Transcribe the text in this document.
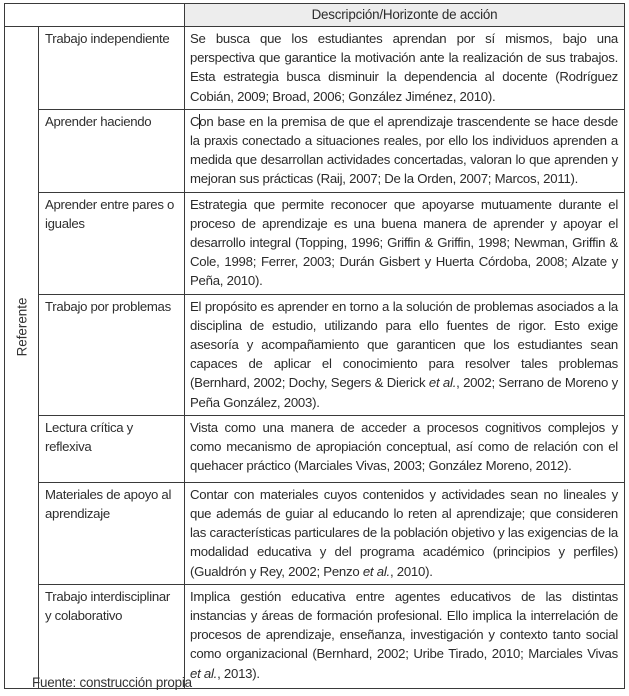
		Descripción/Horizonte de acción

Referente	Trabajo independiente	Se busca que los estudiantes aprendan por sí mismos, bajo una perspectiva que garantice la motivación ante la realización de sus trabajos. Esta estrategia busca disminuir la dependencia al docente (Rodríguez Cobián, 2009; Broad, 2006; González Jiménez, 2010).
	Aprender haciendo	Con base en la premisa de que el aprendizaje trascendente se hace desde la praxis conectado a situaciones reales, por ello los individuos aprenden a medida que desarrollan actividades concertadas, valoran lo que aprenden y mejoran sus prácticas (Raij, 2007; De la Orden, 2007; Marcos, 2011).
	Aprender entre pares o iguales	Estrategia que permite reconocer que apoyarse mutuamente durante el proceso de aprendizaje es una buena manera de aprender y apoyar el desarrollo integral (Topping, 1996; Griffin & Griffin, 1998; Newman, Griffin & Cole, 1998; Ferrer, 2003; Durán Gisbert y Huerta Córdoba, 2008; Alzate y Peña, 2010).
	Trabajo por problemas	El propósito es aprender en torno a la solución de problemas asociados a la disciplina de estudio, utilizando para ello fuentes de rigor. Esto exige asesoría y acompañamiento que garanticen que los estudiantes sean capaces de aplicar el conocimiento para resolver tales problemas (Bernhard, 2002; Dochy, Segers & Dierick et al., 2002; Serrano de Moreno y Peña González, 2003).
	Lectura crítica y reflexiva	Vista como una manera de acceder a procesos cognitivos complejos y como mecanismo de apropiación conceptual, así como de relación con el quehacer práctico (Marciales Vivas, 2003; González Moreno, 2012).
	Materiales de apoyo al aprendizaje	Contar con materiales cuyos contenidos y actividades sean no lineales y que además de guiar al educando lo reten al aprendizaje; que consideren las características particulares de la población objetivo y las exigencias de la modalidad educativa y del programa académico (principios y perfiles) (Gualdrón y Rey, 2002; Penzo et al., 2010).
	Trabajo interdisciplinar y colaborativo	Implica gestión educativa entre agentes educativos de las distintas instancias y áreas de formación profesional. Ello implica la interrelación de procesos de aprendizaje, enseñanza, investigación y contexto tanto social como organizacional (Bernhard, 2002; Uribe Tirado, 2010; Marciales Vivas et al., 2013).
Fuente: construcción propia
